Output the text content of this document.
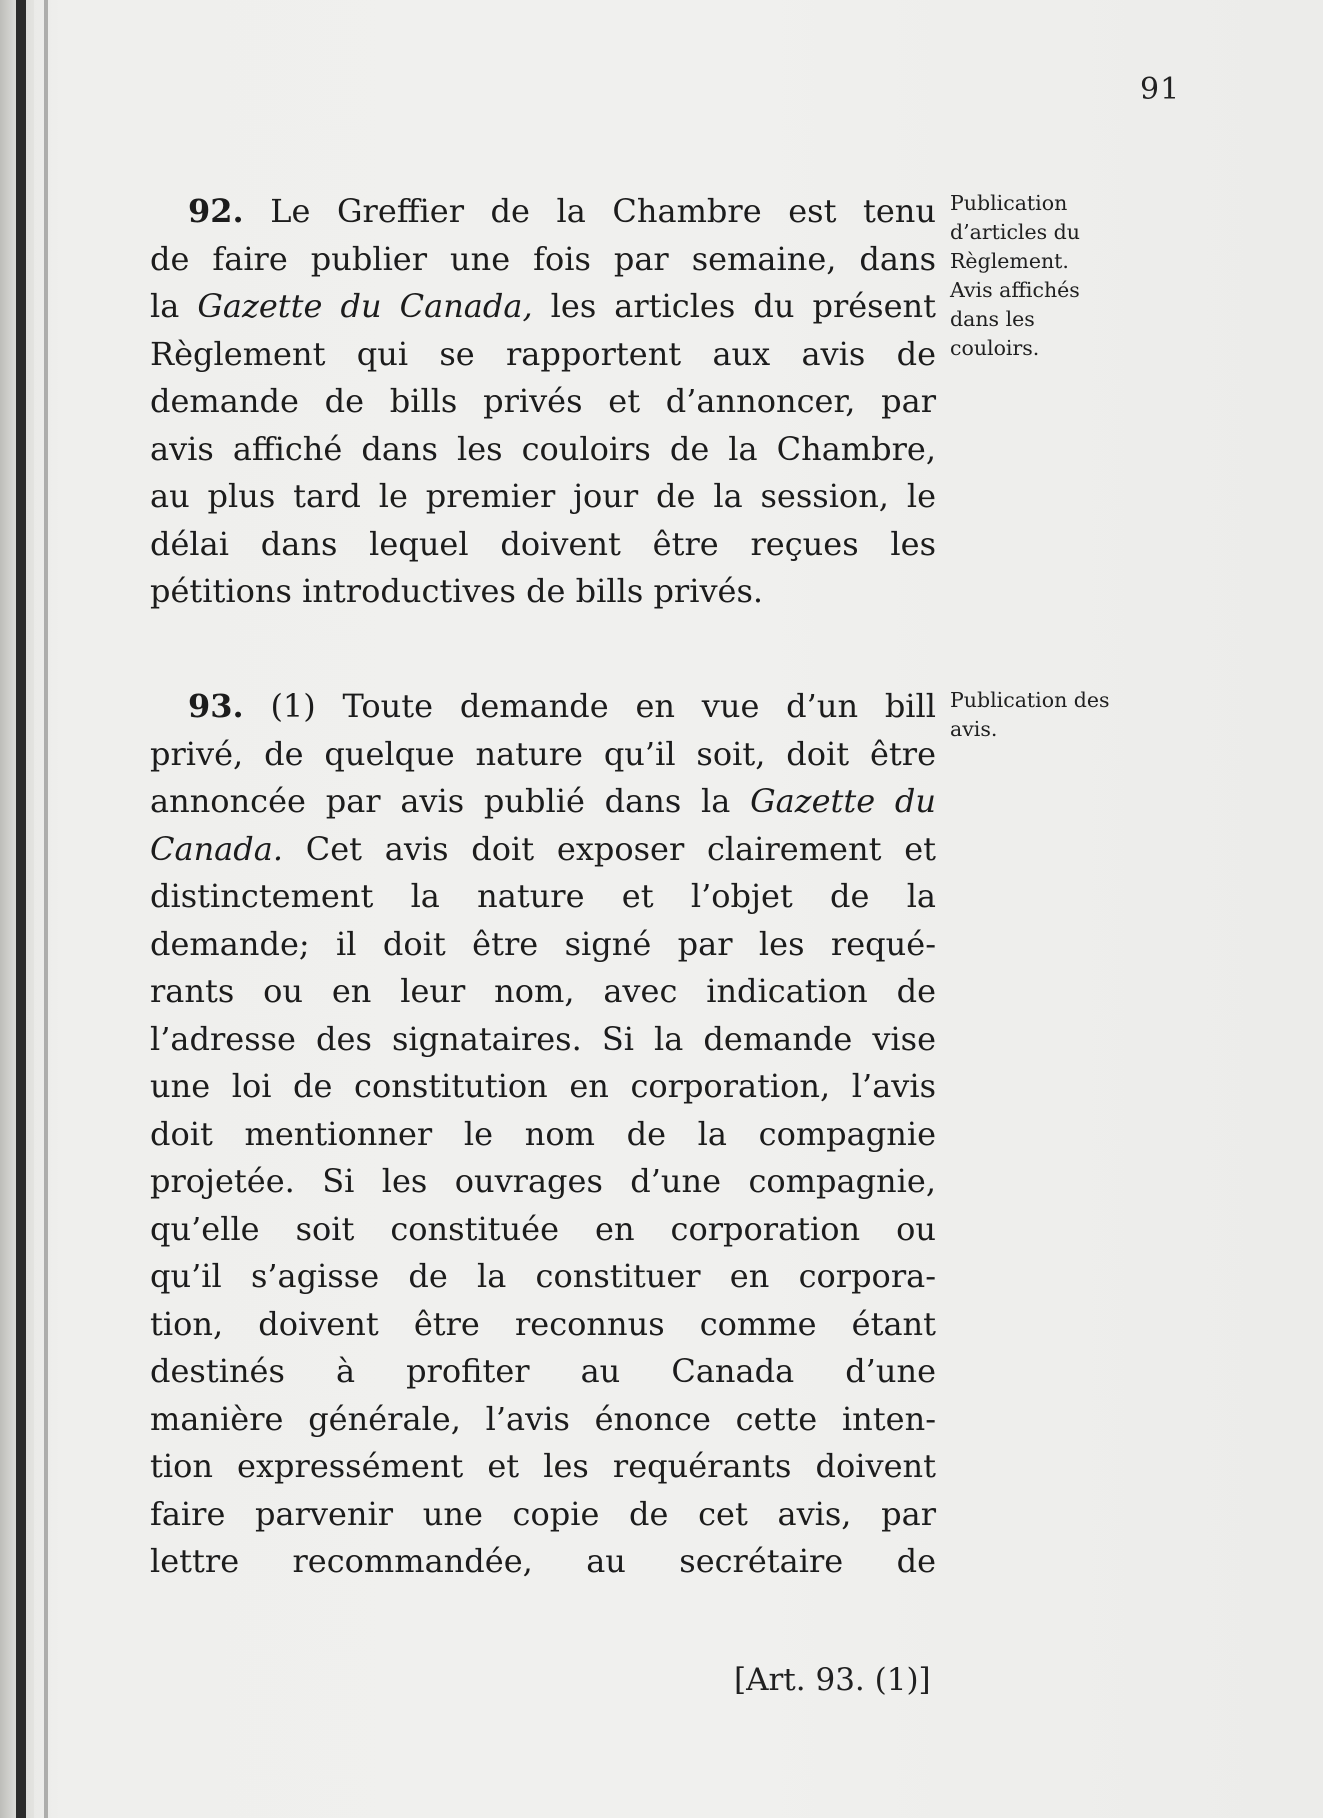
91
92. Le Greffier de la Chambre est tenu
de faire publier une fois par semaine, dans
la Gazette du Canada, les articles du présent
Règlement qui se rapportent aux avis de
demande de bills privés et d’annoncer, par
avis affiché dans les couloirs de la Chambre,
au plus tard le premier jour de la session, le
délai dans lequel doivent être reçues les
pétitions introductives de bills privés.
93. (1) Toute demande en vue d’un bill
privé, de quelque nature qu’il soit, doit être
annoncée par avis publié dans la Gazette du
Canada. Cet avis doit exposer clairement et
distinctement la nature et l’objet de la
demande; il doit être signé par les requé-
rants ou en leur nom, avec indication de
l’adresse des signataires. Si la demande vise
une loi de constitution en corporation, l’avis
doit mentionner le nom de la compagnie
projetée. Si les ouvrages d’une compagnie,
qu’elle soit constituée en corporation ou
qu’il s’agisse de la constituer en corpora-
tion, doivent être reconnus comme étant
destinés à profiter au Canada d’une
manière générale, l’avis énonce cette inten-
tion expressément et les requérants doivent
faire parvenir une copie de cet avis, par
lettre recommandée, au secrétaire de
Publication
d’articles du
Règlement.
Avis affichés
dans les
couloirs.
Publication des
avis.
[Art. 93. (1)]
